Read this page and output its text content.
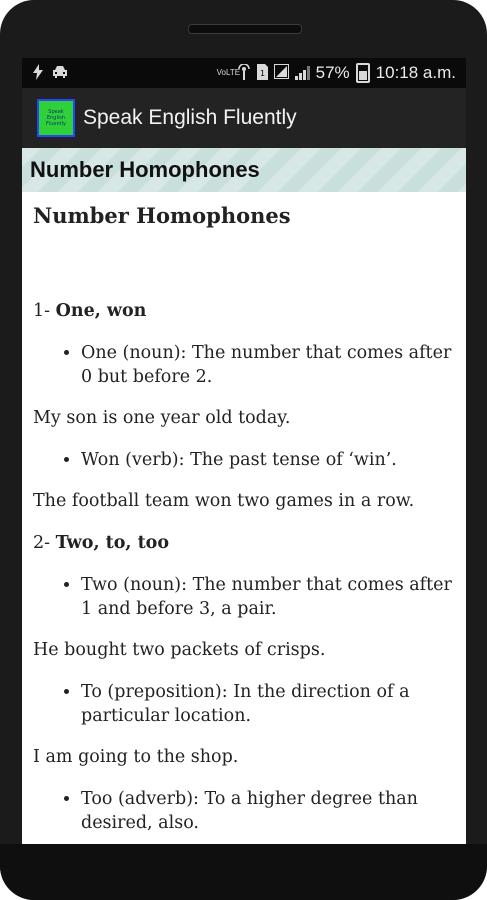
VoLTE 1	57% 10:18 a.m.
Speak English Fluently Speak English Fluently
Number Homophones
Number Homophones

1- One, won

• One (noun): The number that comes after 0 but before 2.

My son is one year old today.

• Won (verb): The past tense of ‘win’.

The football team won two games in a row.

2- Two, to, too

• Two (noun): The number that comes after 1 and before 3, a pair.

He bought two packets of crisps.

• To (preposition): In the direction of a particular location.

I am going to the shop.

• Too (adverb): To a higher degree than desired, also.
